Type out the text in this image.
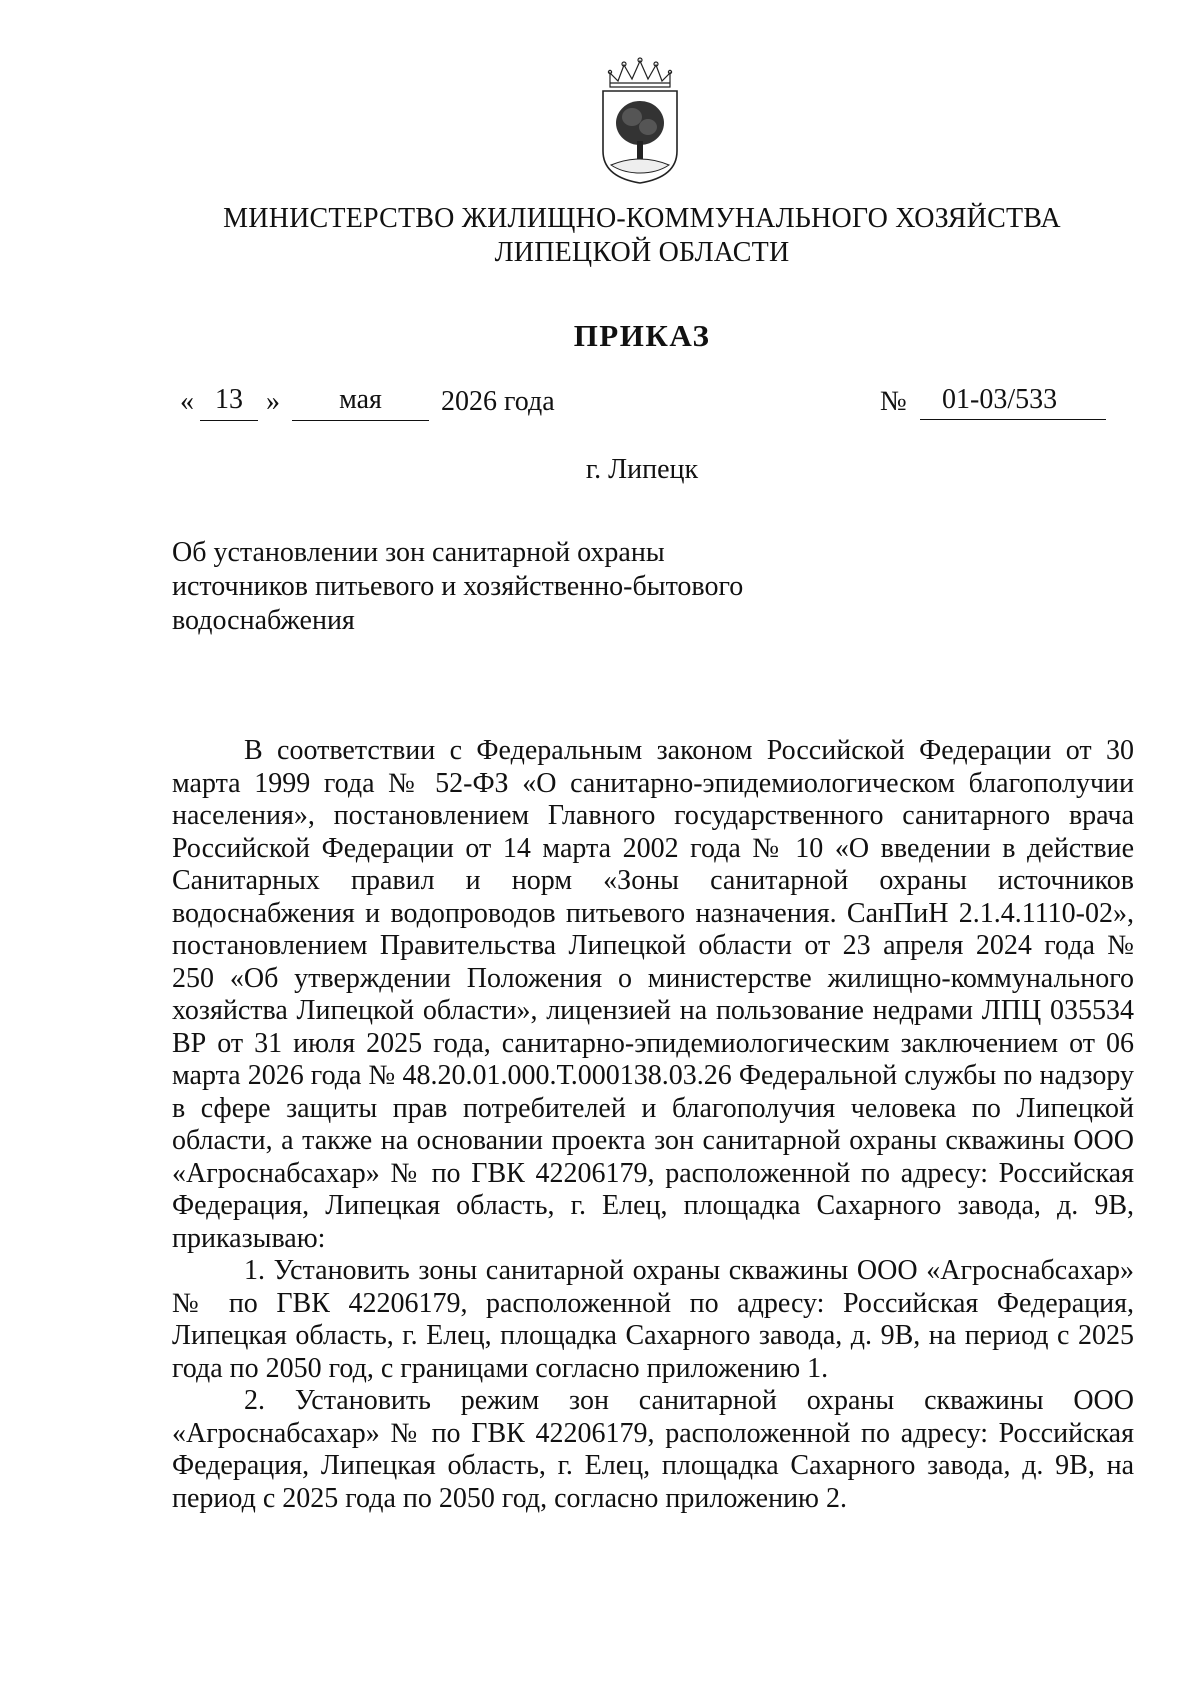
МИНИСТЕРСТВО ЖИЛИЩНО-КОММУНАЛЬНОГО ХОЗЯЙСТВА
ЛИПЕЦКОЙ ОБЛАСТИ
ПРИКАЗ
« 13 »	мая	2026 года	№	01-03/533
г. Липецк
Об установлении зон санитарной охраны
источников питьевого и хозяйственно-бытового
водоснабжения

В соответствии с Федеральным законом Российской Федерации от 30 марта 1999 года № 52-ФЗ «О санитарно-эпидемиологическом благополучии населения», постановлением Главного государственного санитарного врача Российской Федерации от 14 марта 2002 года № 10 «О введении в действие Санитарных правил и норм «Зоны санитарной охраны источников водоснабжения и водопроводов питьевого назначения. СанПиН 2.1.4.1110-02», постановлением Правительства Липецкой области от 23 апреля 2024 года № 250 «Об утверждении Положения о министерстве жилищно-коммунального хозяйства Липецкой области», лицензией на пользование недрами ЛПЦ 035534 ВР от 31 июля 2025 года, санитарно-эпидемиологическим заключением от 06 марта 2026 года № 48.20.01.000.Т.000138.03.26 Федеральной службы по надзору в сфере защиты прав потребителей и благополучия человека по Липецкой области, а также на основании проекта зон санитарной охраны скважины ООО «Агроснабсахар» № по ГВК 42206179, расположенной по адресу: Российская Федерация, Липецкая область, г. Елец, площадка Сахарного завода, д. 9В, приказываю:

1. Установить зоны санитарной охраны скважины ООО «Агроснабсахар» № по ГВК 42206179, расположенной по адресу: Российская Федерация, Липецкая область, г. Елец, площадка Сахарного завода, д. 9В, на период с 2025 года по 2050 год, с границами согласно приложению 1.

2. Установить режим зон санитарной охраны скважины ООО «Агроснабсахар» № по ГВК 42206179, расположенной по адресу: Российская Федерация, Липецкая область, г. Елец, площадка Сахарного завода, д. 9В, на период с 2025 года по 2050 год, согласно приложению 2.
